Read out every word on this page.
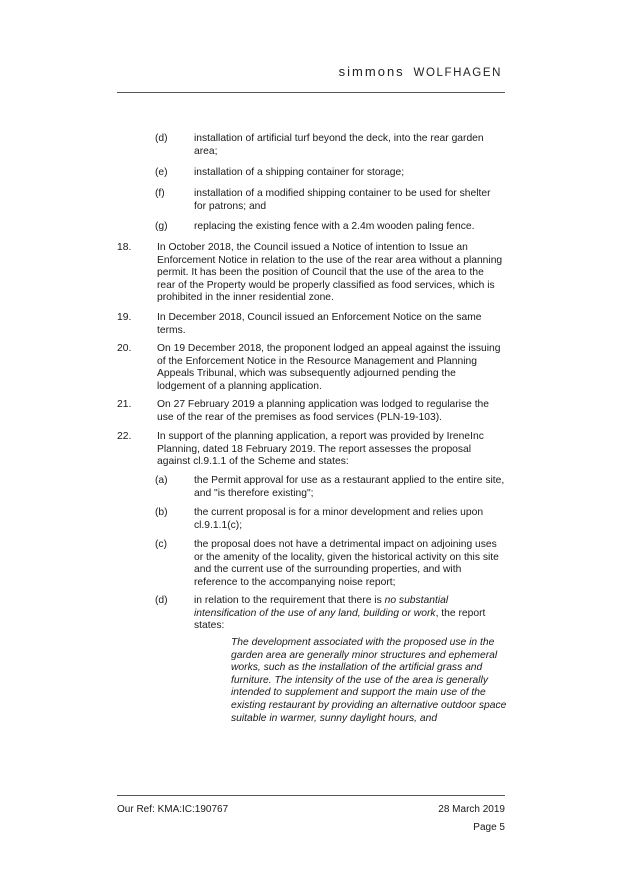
simmons WOLFHAGEN
(d)	installation of artificial turf beyond the deck, into the rear garden area;
(e)	installation of a shipping container for storage;
(f)	installation of a modified shipping container to be used for shelter for patrons; and
(g)	replacing the existing fence with a 2.4m wooden paling fence.
18. In October 2018, the Council issued a Notice of intention to Issue an Enforcement Notice in relation to the use of the rear area without a planning permit. It has been the position of Council that the use of the area to the rear of the Property would be properly classified as food services, which is prohibited in the inner residential zone.
19. In December 2018, Council issued an Enforcement Notice on the same terms.
20. On 19 December 2018, the proponent lodged an appeal against the issuing of the Enforcement Notice in the Resource Management and Planning Appeals Tribunal, which was subsequently adjourned pending the lodgement of a planning application.
21. On 27 February 2019 a planning application was lodged to regularise the use of the rear of the premises as food services (PLN-19-103).
22. In support of the planning application, a report was provided by IreneInc Planning, dated 18 February 2019. The report assesses the proposal against cl.9.1.1 of the Scheme and states:
(a)	the Permit approval for use as a restaurant applied to the entire site, and "is therefore existing";
(b)	the current proposal is for a minor development and relies upon cl.9.1.1(c);
(c)	the proposal does not have a detrimental impact on adjoining uses or the amenity of the locality, given the historical activity on this site and the current use of the surrounding properties, and with reference to the accompanying noise report;
(d)	in relation to the requirement that there is no substantial intensification of the use of any land, building or work, the report states:
The development associated with the proposed use in the garden area are generally minor structures and ephemeral works, such as the installation of the artificial grass and furniture. The intensity of the use of the area is generally intended to supplement and support the main use of the existing restaurant by providing an alternative outdoor space suitable in warmer, sunny daylight hours, and
Our Ref: KMA:IC:190767	28 March 2019
Page 5
